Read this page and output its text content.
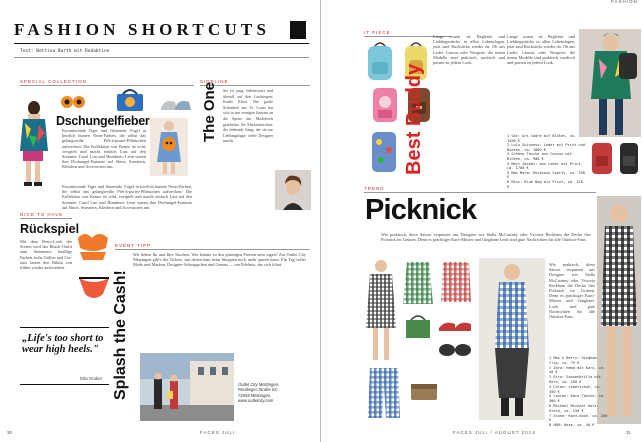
FASHION SHORTCUTS
Text: Bettina Barth mit Redaktion
SPECIAL COLLECTION
Dschungelfieber
Faszinierende Tiger und flatternde Vögel in herrlich bunten Neon-Farben, die selbst das gelangweilte Prêt-à-porter-Pflänzchen aufwecken: Die Kollektion von Kenzo ist wild, verspielt und macht einfach Lust auf den Sommer. Carol Lim und Humberto Leon setzen ihre Dschungel-Fantasie auf Shirts, Sweatern, Kleidern und Accessoires um.
Faszinierende Tiger und flatternde Vögel in herrlich bunten Neon-Farben, die selbst das gelangweilte Prêt-à-porter-Pflänzchen aufwecken: Die Kollektion von Kenzo ist wild, verspielt und macht einfach Lust auf den Sommer. Carol Lim und Humberto Leon setzen ihre Dschungel-Fantasie auf Shirts, Sweatern, Kleidern und Accessoires um.
NICE TO HAVE
Rückspiel
Mit dem Retro-Look der Sixties wird das Beach-Outfit zum Statement: knallige Farben, hohe Taillen und Cut-outs lassen den Bikini von früher wieder auferstehen.
„Life's too short to wear high heels."
Dita Gruber
SIDELINE
The One Sie ist jung, liebenswert und überall auf den Laufstegen: Karlie Kloss. Die große Schönheit aus St. Louis hat sich in nur wenigen Saisons an die Spitze der Modelwelt gearbeitet. Ihr Markenzeichen: der federnde Gang, der sie zur Lieblingsfigur vieler Designer macht.
EVENT TIPP
Splash the Cash!
Wir lieben Ihr und Ihre Taschen: Wer könnte zu den günstigen Preisen nein sagen? Zur Outlet City Metzingen gibt's die Tickets, mit denen man beim Shoppen noch mehr sparen kann. Ein Tag voller Mode und Marken, Designer-Schnäppchen und Genuss — ein Erlebnis, das sich lohnt.
Outlet City Metzingen,
Reutlinger Straße 63,
72555 Metzingen,
www.outletcity.com
30	FACES JULI
FASHION
IT PIECE
Best Buddy
Lange waren sie Begleiter und Lieblingsstücke in allen Lebenslagen, jetzt sind Rucksäcke wieder da. Ob aus Leder, Canvas oder Neopren: die neuen Modelle sind praktisch, modisch und passen zu jedem Look.
Lange waren sie Begleiter und Lieblingsstücke in allen Lebenslagen, jetzt sind Rucksäcke wieder da. Ob aus Leder, Canvas oder Neopren: die neuen Modelle sind praktisch, modisch und passen zu jedem Look.
1 Sac: Ars Cadre mit Blüten, ca. 1200 €
2 Lulu Guinness: Leder mit Print und Nieten, ca. 1000 €
3 Schöne Tasche aus Canvas mit Blüten, ca. 900 €
4 Marc Jacobs: aus Leder mit Print, ca. 1700 €
5 Max Mara: Rucksack Sporty, ca. 350 €
6 Mini: Blue Bag mit Print, ca. 120 €
TREND
Picknick
Wie praktisch, diese Saison verputzen uns Designer wie Stella McCartney oder Victoria Beckham die Decke fürs Picknick im Grünen. Denn es prächtiger Karo-Muster und Gingham-Look sind gute Nachrichten für alle Outdoor-Fans.
Wie praktisch, diese Saison verputzen uns Designer wie Stella McCartney oder Victoria Beckham die Decke fürs Picknick im Grünen. Denn es prächtiger Karo-Muster und Gingham-Look sind gute Nachrichten für alle Outdoor-Fans.
1 Max & Berry: Gingham-Clip, ca. 79 €
2 Zara: Hemd mit Karo, ca. 40 €
3 Etro: Sonnenbrille mit Karo, ca. 250 €
4 Chloe: Lederschuh, ca. 350 €
5 Lauren: Karo-Tasche, ca. 300 €
6 Michael Michael Kors: Kleid, ca. 150 €
7 Stone: Karo-Hose, ca. 200 €
8 H&M: Hose, ca. 40 €
FACES JULI / AUGUST 2014	31
